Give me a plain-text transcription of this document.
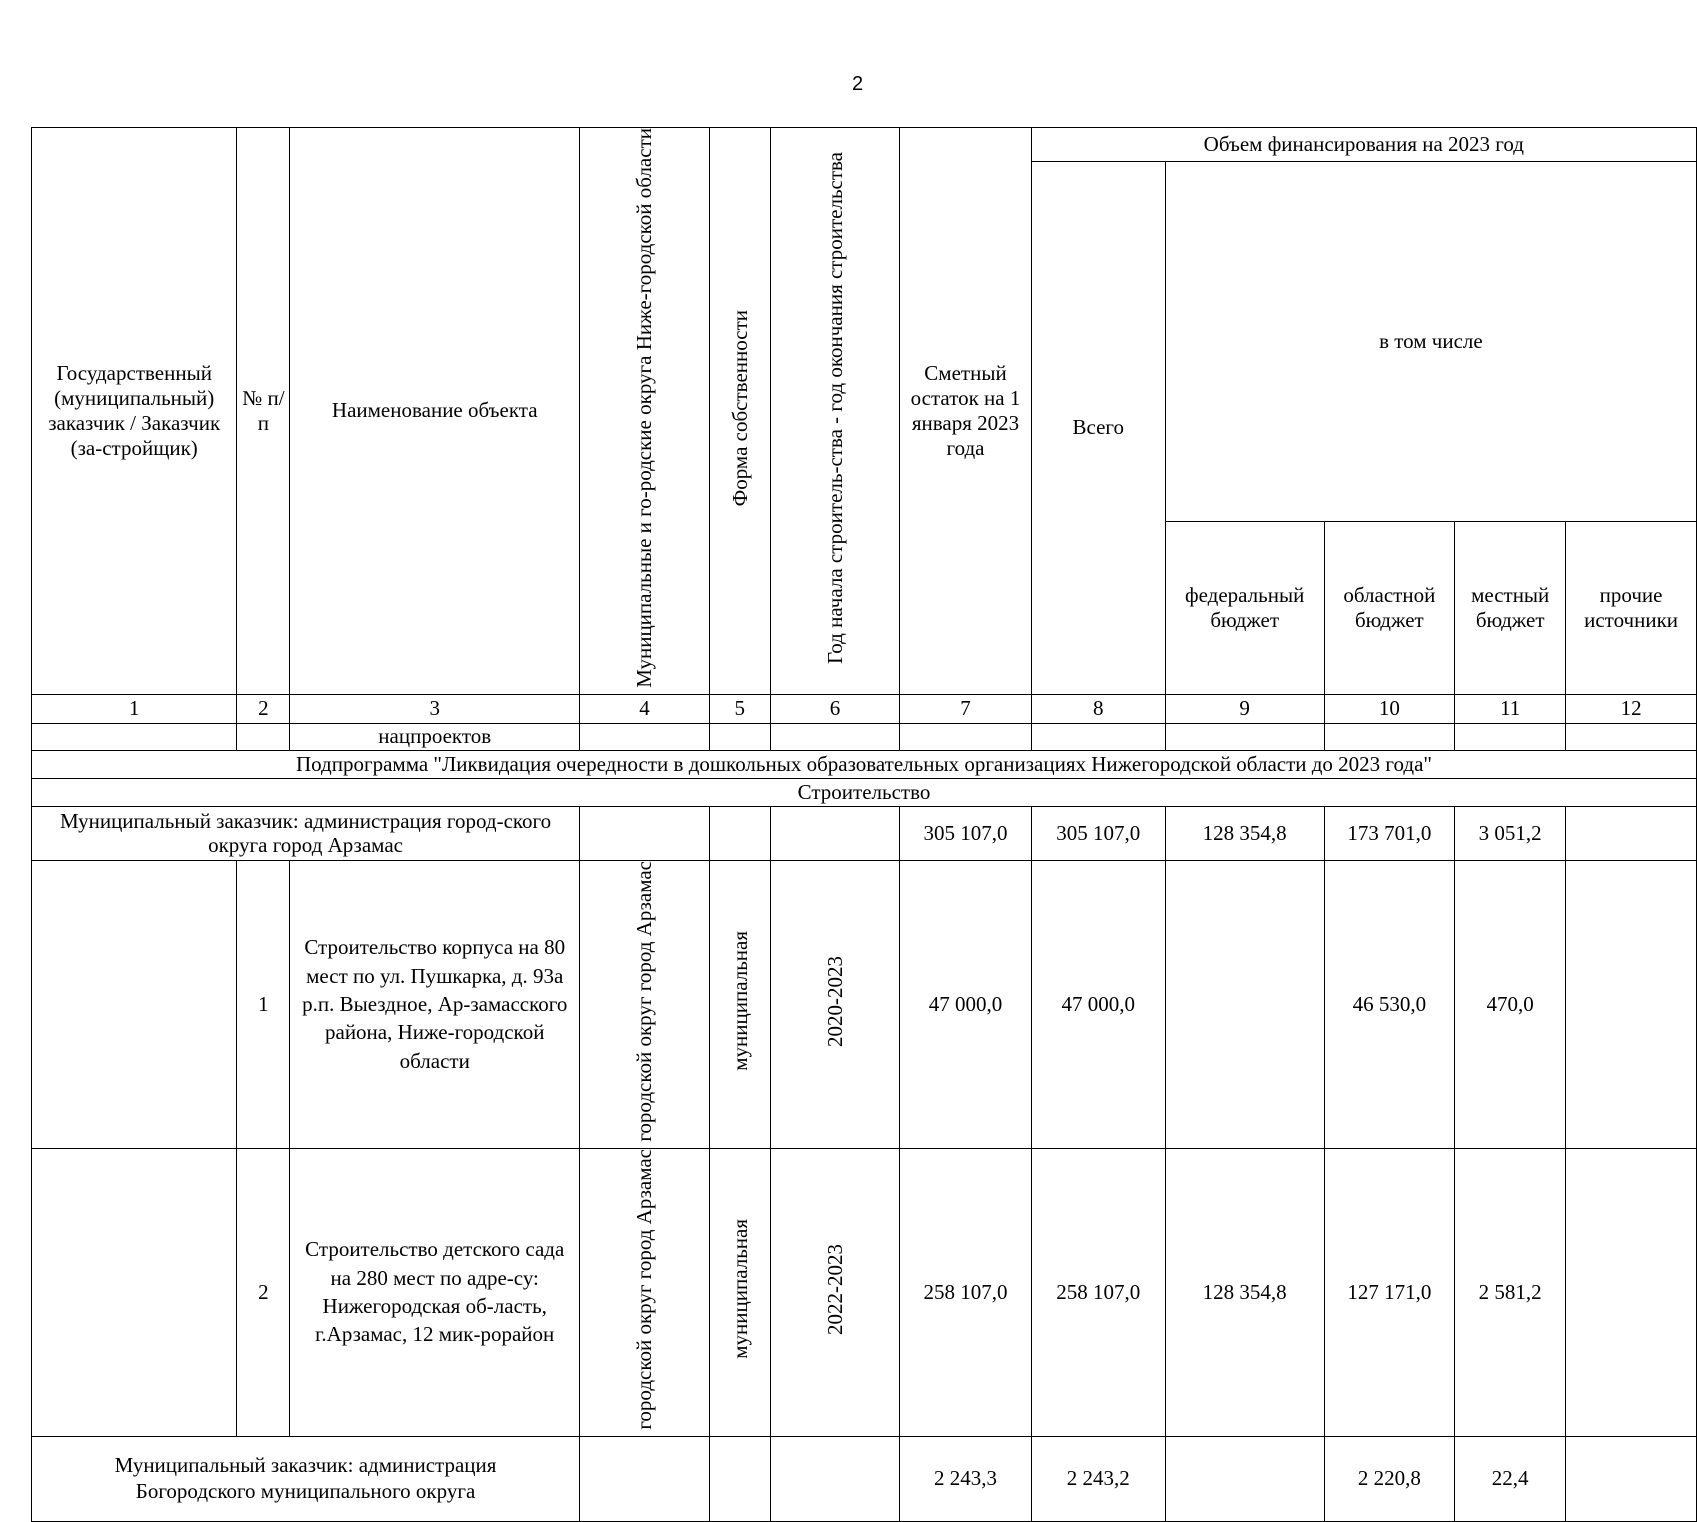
2
Государственный (муниципальный) заказчик / Заказчик (за-стройщик)	№ п/п	Наименование объекта	Муниципальные и го-родские округа Ниже-городской области	Форма собственности	Год начала строитель-ства - год окончания строительства	Сметный остаток на 1 января 2023 года	Объем финансирования на 2023 год				
							Всего	в том числе			
								федеральный бюджет	областной бюджет	местный бюджет	прочие источники
1	2	3	4	5	6	7	8	9	10	11	12
		нацпроектов									
Подпрограмма "Ликвидация очередности в дошкольных образовательных организациях Нижегородской области до 2023 года"											
Строительство											
Муниципальный заказчик: администрация город-ского округа город Арзамас						305 107,0	305 107,0	128 354,8	173 701,0	3 051,2	
	1	Строительство корпуса на 80 мест по ул. Пушкарка, д. 93а р.п. Выездное, Ар-замасского района, Ниже-городской области	городской округ город Арзамас	муниципальная	2020-2023	47 000,0	47 000,0		46 530,0	470,0	
	2	Строительство детского сада на 280 мест по адре-су: Нижегородская об-ласть, г.Арзамас, 12 мик-рорайон	городской округ город Арзамас	муниципальная	2022-2023	258 107,0	258 107,0	128 354,8	127 171,0	2 581,2	
Муниципальный заказчик: администрация Богородского муниципального округа						2 243,3	2 243,2		2 220,8	22,4	
